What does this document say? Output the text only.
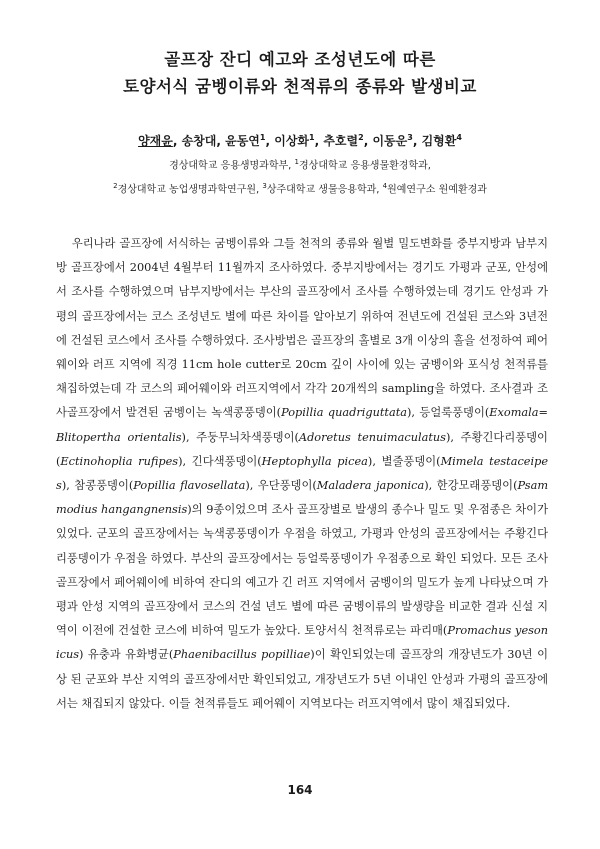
골프장 잔디 예고와 조성년도에 따른
토양서식 굼벵이류와 천적류의 종류와 발생비교
양재윤, 송창대, 윤동연$^1$, 이상화$^1$, 추호렬$^2$, 이동운$^3$, 김형환$^4$
경상대학교 응용생명과학부, $^1$경상대학교 응용생물환경학과,
$^2$경상대학교 농업생명과학연구원, $^3$상주대학교 생물응용학과, $^4$원예연구소 원예환경과
우리나라 골프장에 서식하는 굼벵이류와 그들 천적의 종류와 월별 밀도변화를 중부지방과 남부지방 골프장에서 2004년 4월부터 11월까지 조사하였다. 중부지방에서는 경기도 가평과 군포, 안성에서 조사를 수행하였으며 남부지방에서는 부산의 골프장에서 조사를 수행하였는데 경기도 안성과 가평의 골프장에서는 코스 조성년도 별에 따른 차이를 알아보기 위하여 전년도에 건설된 코스와 3년전에 건설된 코스에서 조사를 수행하였다. 조사방법은 골프장의 홀별로 3개 이상의 홀을 선정하여 페어웨이와 러프 지역에 직경 11cm hole cutter로 20cm 깊이 사이에 있는 굼벵이와 포식성 천적류를 채집하였는데 각 코스의 페어웨이와 러프지역에서 각각 20개씩의 sampling을 하였다. 조사결과 조사골프장에서 발견된 굼벵이는 녹색콩풍뎅이(Popillia quadriguttata), 등얼룩풍뎅이(Exomala=Blitopertha orientalis), 주둥무늬차색풍뎅이(Adoretus tenuimaculatus), 주황긴다리풍뎅이(Ectinohoplia rufipes), 긴다색풍뎅이(Heptophylla picea), 별줄풍뎅이(Mimela testaceipes), 참콩풍뎅이(Popillia flavosellata), 우단풍뎅이(Maladera japonica), 한강모래풍뎅이(Psammodius hangangnensis)의 9종이었으며 조사 골프장별로 발생의 종수나 밀도 및 우점종은 차이가 있었다. 군포의 골프장에서는 녹색콩풍뎅이가 우점을 하였고, 가평과 안성의 골프장에서는 주황긴다리풍뎅이가 우점을 하였다. 부산의 골프장에서는 등얼룩풍뎅이가 우점종으로 확인 되었다. 모든 조사골프장에서 페어웨이에 비하여 잔디의 예고가 긴 러프 지역에서 굼벵이의 밀도가 높게 나타났으며 가평과 안성 지역의 골프장에서 코스의 건설 년도 별에 따른 굼벵이류의 발생량을 비교한 결과 신설 지역이 이전에 건설한 코스에 비하여 밀도가 높았다. 토양서식 천적류로는 파리매(Promachus yesonicus) 유충과 유화병균(Phaenibacillus popilliae)이 확인되었는데 골프장의 개장년도가 30년 이상 된 군포와 부산 지역의 골프장에서만 확인되었고, 개장년도가 5년 이내인 안성과 가평의 골프장에서는 채집되지 않았다. 이들 천적류들도 페어웨이 지역보다는 러프지역에서 많이 채집되었다.
164
